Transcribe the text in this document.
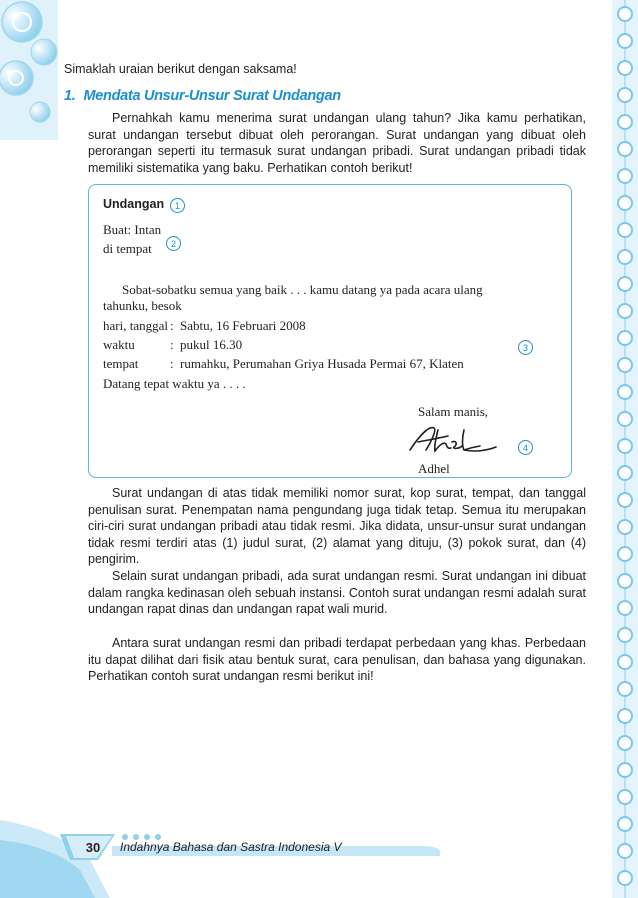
Simaklah uraian berikut dengan saksama!
1. Mendata Unsur-Unsur Surat Undangan

Pernahkah kamu menerima surat undangan ulang tahun? Jika kamu perhatikan, surat undangan tersebut dibuat oleh perorangan. Surat undangan yang dibuat oleh perorangan seperti itu termasuk surat undangan pribadi. Surat undangan pribadi tidak memiliki sistematika yang baku. Perhatikan contoh berikut!

Undangan	1
Buat: Intan
di tempat	2
Sobat-sobatku semua yang baik . . . kamu datang ya pada acara ulang
tahunku, besok
hari, tanggal : Sabtu, 16 Februari 2008
waktu	: pukul 16.30
tempat : rumahku, Perumahan Griya Husada Permai 67, Klaten
Datang tepat waktu ya . . . .
3
Salam manis,
4
Adhel

Surat undangan di atas tidak memiliki nomor surat, kop surat, tempat, dan tanggal penulisan surat. Penempatan nama pengundang juga tidak tetap. Semua itu merupakan ciri-ciri surat undangan pribadi atau tidak resmi. Jika didata, unsur-unsur surat undangan tidak resmi terdiri atas (1) judul surat, (2) alamat yang dituju, (3) pokok surat, dan (4) pengirim.

Selain surat undangan pribadi, ada surat undangan resmi. Surat undangan ini dibuat dalam rangka kedinasan oleh sebuah instansi. Contoh surat undangan resmi adalah surat undangan rapat dinas dan undangan rapat wali murid.

Antara surat undangan resmi dan pribadi terdapat perbedaan yang khas. Perbedaan itu dapat dilihat dari fisik atau bentuk surat, cara penulisan, dan bahasa yang digunakan. Perhatikan contoh surat undangan resmi berikut ini!

30	Indahnya Bahasa dan Sastra Indonesia V
